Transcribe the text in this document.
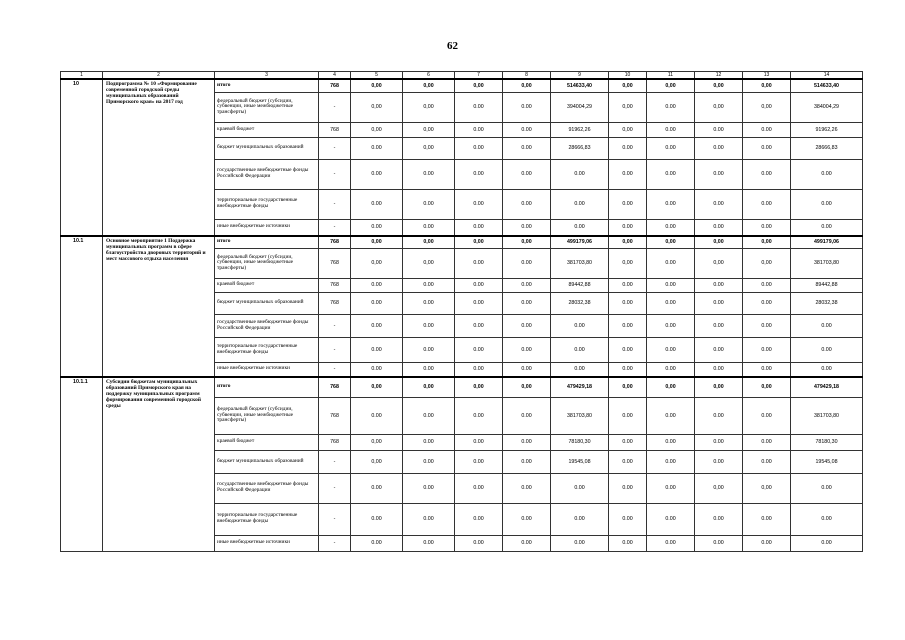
62
1	2	3	4	5	6	7	8	9	10	11	12	13	14
10	Подпрограмма № 10 «Формирование современной городской среды муниципальных образований Приморского края» на 2017 год	итого	768	0,00	0,00	0,00	0,00	514633,40	0,00	0,00	0,00	0,00	514633,40
		федеральный бюджет (субсидии, субвенции, иные межбюджетные трансферты)	-	0,00	0,00	0.00	0.00	394004,29	0,00	0.00	0,00	0,00	384004,29
		краевой бюджет	768	0,00	0,00	0.00	0.00	91962,26	0,00	0.00	0.00	0.00	91962,26
		бюджет муниципальных образований	-	0.00	0,00	0.00	0.00	28666,83	0.00	0.00	0.00	0.00	28666,83
		государственные внебюджетные фонды Российской Федерации	-	0.00	0.00	0.00	0.00	0.00	0.00	0.00	0.00	0.00	0.00
		территориальные государственные внебюджетные фонды	-	0.00	0.00	0.00	0.00	0.00	0.00	0.00	0.00	0.00	0.00
		иные внебюджетные источники	-	0.00	0.00	0.00	0.00	0.00	0.00	0.00	0.00	0.00	0.00
10.1	Основное мероприятие 1 Поддержка муниципальных программ в сфере благоустройства дворовых территорий и мест массового отдыха населения	итого	768	0,00	0,00	0,00	0,00	499179,06	0,00	0,00	0,00	0,00	499179,06
		федеральный бюджет (субсидии, субвенции, иные межбюджетные трансферты)	768	0,00	0,00	0.00	0.00	381703,80	0,00	0.00	0,00	0,00	381703,80
		краевой бюджет	768	0.00	0.00	0.00	0.00	89442,88	0.00	0.00	0.00	0.00	89442,88
		бюджет муниципальных образований	768	0.00	0.00	0.00	0.00	28032,38	0.00	0.00	0.00	0.00	28032,38
		государственные внебюджетные фонды Российской Федерации	-	0.00	0.00	0.00	0.00	0.00	0.00	0.00	0.00	0.00	0.00
		территориальные государственные внебюджетные фонды	-	0.00	0.00	0.00	0.00	0.00	0.00	0.00	0.00	0.00	0.00
		иные внебюджетные источники	-	0.00	0.00	0.00	0.00	0.00	0.00	0.00	0.00	0.00	0.00
10.1.1	Субсидии бюджетам муниципальных образований Приморского края на поддержку муниципальных программ формирования современной городской среды	итого	768	0,00	0,00	0,00	0,00	479429,18	0,00	0,00	0,00	0,00	479429,18
		федеральный бюджет (субсидии, субвенции, иные межбюджетные трансферты)	768	0.00	0.00	0.00	0.00	381703,80	0.00	0.00	0.00	0.00	381703,80
		краевой бюджет	768	0,00	0.00	0.00	0.00	78180,30	0.00	0.00	0.00	0.00	78180,30
		бюджет муниципальных образований	-	0,00	0.00	0.00	0.00	19545,08	0.00	0.00	0.00	0.00	19545,08
		государственные внебюджетные фонды Российской Федерации	-	0.00	0.00	0.00	0.00	0.00	0.00	0.00	0,00	0,00	0.00
		территориальные государственные внебюджетные фонды	-	0.00	0.00	0.00	0.00	0.00	0.00	0.00	0.00	0.00	0.00
		иные внебюджетные источники	-	0.00	0.00	0.00	0.00	0.00	0.00	0.00	0.00	0.00	0.00
